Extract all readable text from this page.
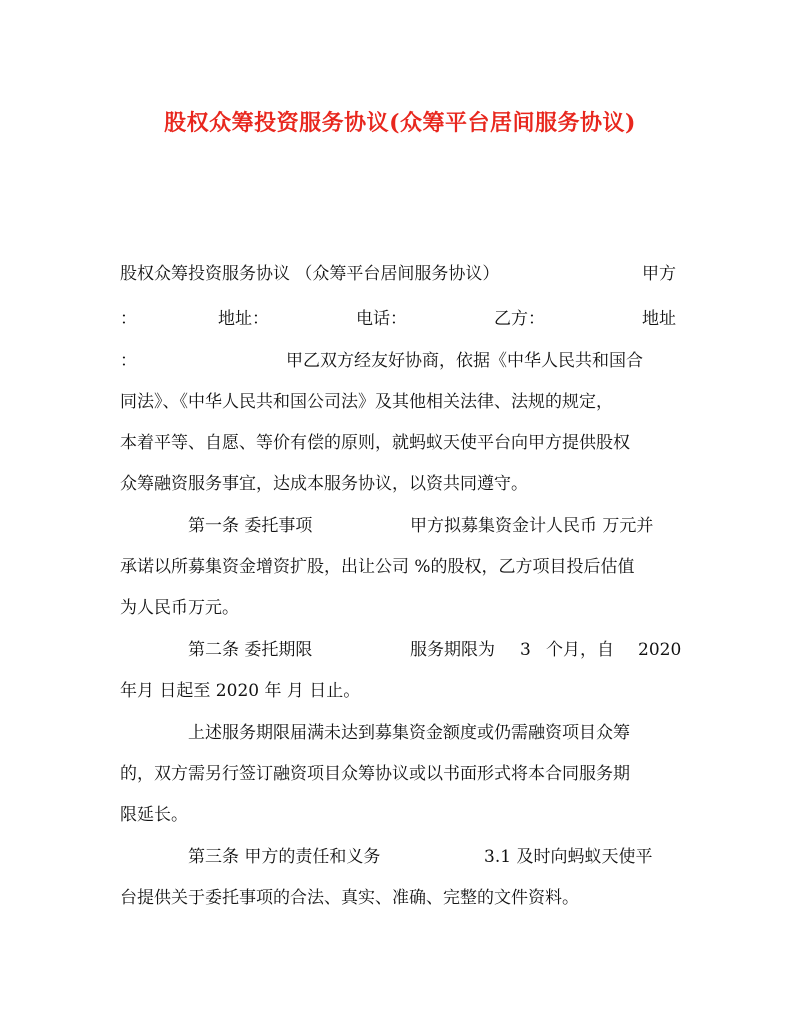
股权众筹投资服务协议(众筹平台居间服务协议)
股权众筹投资服务协议 （众筹平台居间服务协议）	甲方
：	地址：	电话：	乙方：	地址
：	甲乙双方经友好协商，依据《中华人民共和国合
同法》、《中华人民共和国公司法》及其他相关法律、法规的规定，
本着平等、自愿、等价有偿的原则，就蚂蚁天使平台向甲方提供股权
众筹融资服务事宜，达成本服务协议，以资共同遵守。
第一条 委托事项	甲方拟募集资金计人民币 万元并
承诺以所募集资金增资扩股，出让公司 %的股权，乙方项目投后估值
为人民币万元。
第二条 委托期限	服务期限为 3 个月，自 2020
年月 日起至 2020 年 月 日止。
上述服务期限届满未达到募集资金额度或仍需融资项目众筹
的，双方需另行签订融资项目众筹协议或以书面形式将本合同服务期
限延长。
第三条 甲方的责任和义务	3.1 及时向蚂蚁天使平
台提供关于委托事项的合法、真实、准确、完整的文件资料。
